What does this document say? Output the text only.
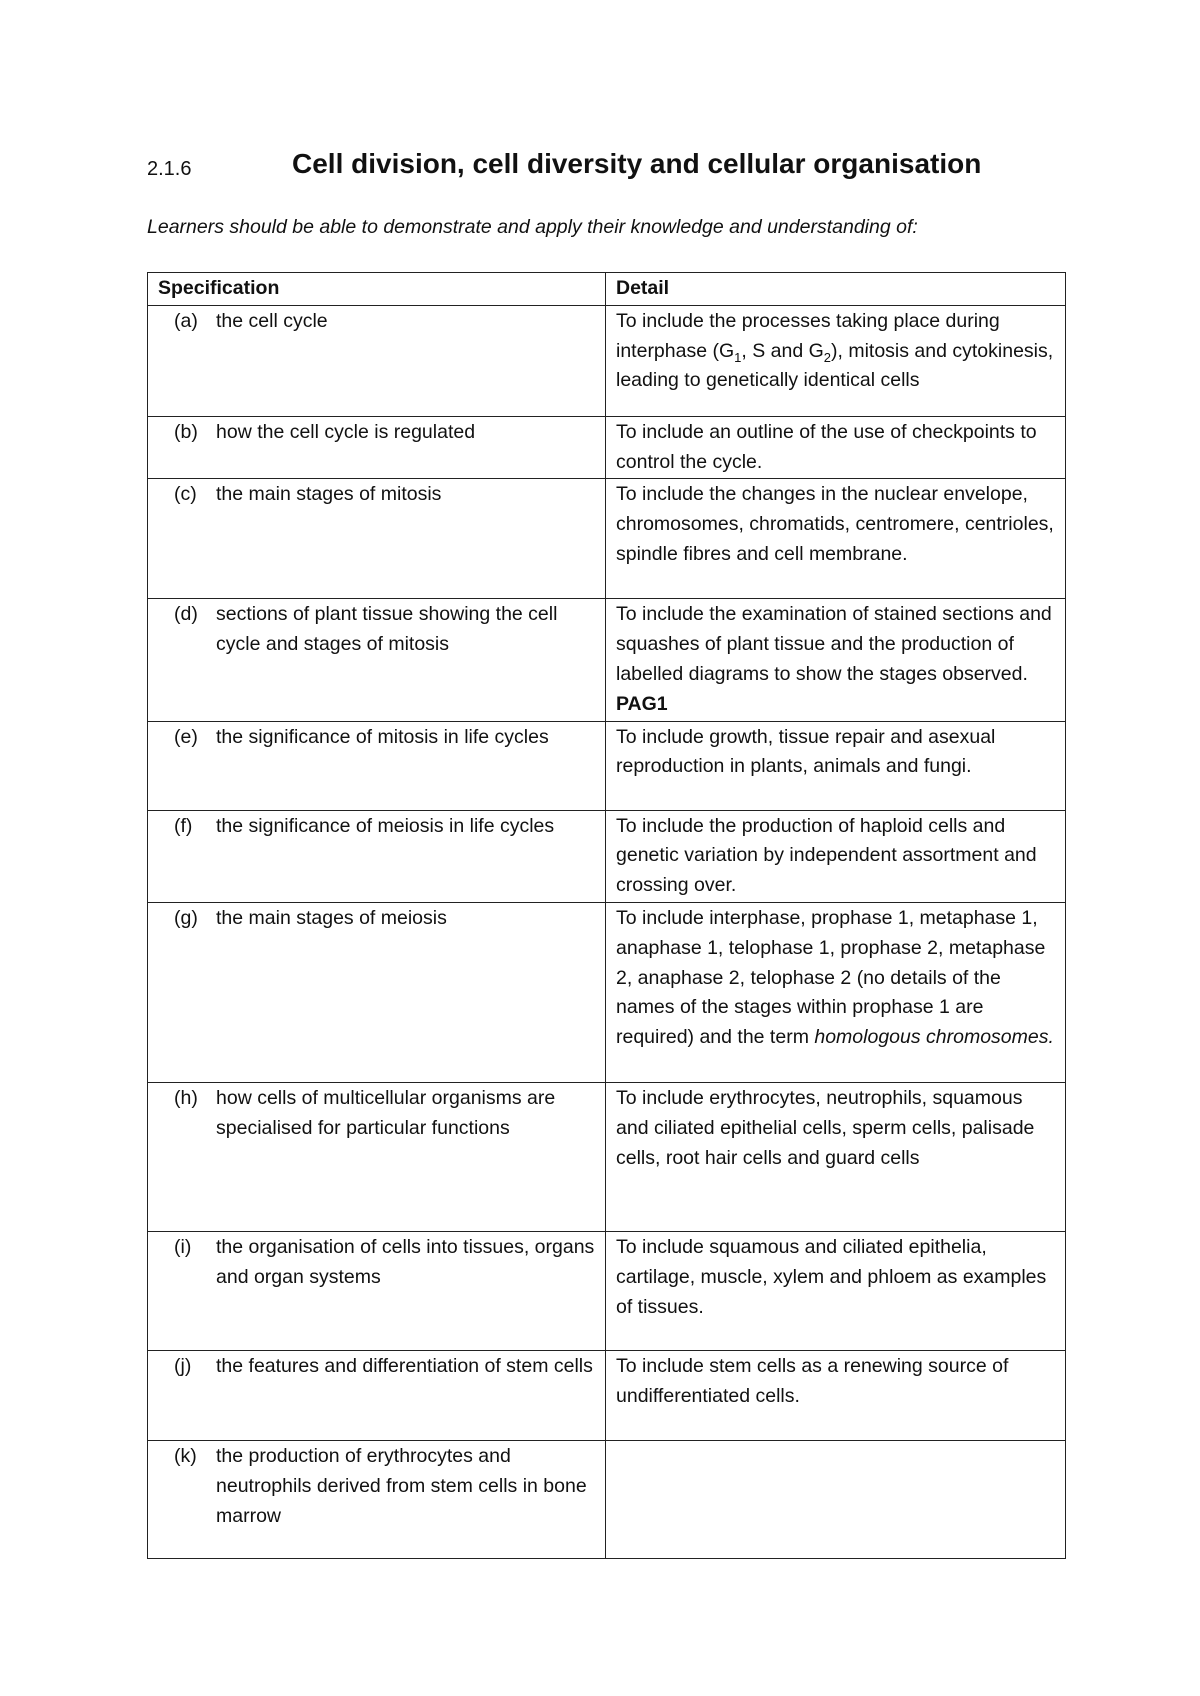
2.1.6	Cell division, cell diversity and cellular organisation
Learners should be able to demonstrate and apply their knowledge and understanding of:
Specification	Detail

(a) the cell cycle	To include the processes taking place during interphase ($G_1$, S and $G_2$), mitosis and cytokinesis, leading to genetically identical cells

(b) how the cell cycle is regulated	To include an outline of the use of checkpoints to control the cycle.

(c) the main stages of mitosis	To include the changes in the nuclear envelope, chromosomes, chromatids, centromere, centrioles, spindle fibres and cell membrane.

(d) sections of plant tissue showing the cell cycle and stages of mitosis	To include the examination of stained sections and squashes of plant tissue and the production of labelled diagrams to show the stages observed. PAG1

(e) the significance of mitosis in life cycles	To include growth, tissue repair and asexual reproduction in plants, animals and fungi.

(f) the significance of meiosis in life cycles	To include the production of haploid cells and genetic variation by independent assortment and crossing over.

(g) the main stages of meiosis	To include interphase, prophase 1, metaphase 1, anaphase 1, telophase 1, prophase 2, metaphase 2, anaphase 2, telophase 2 (no details of the names of the stages within prophase 1 are required) and the term homologous chromosomes.

(h) how cells of multicellular organisms are specialised for particular functions	To include erythrocytes, neutrophils, squamous and ciliated epithelial cells, sperm cells, palisade cells, root hair cells and guard cells

(i) the organisation of cells into tissues, organs and organ systems	To include squamous and ciliated epithelia, cartilage, muscle, xylem and phloem as examples of tissues.

(j) the features and differentiation of stem cells	To include stem cells as a renewing source of undifferentiated cells.

(k) the production of erythrocytes and neutrophils derived from stem cells in bone marrow	
